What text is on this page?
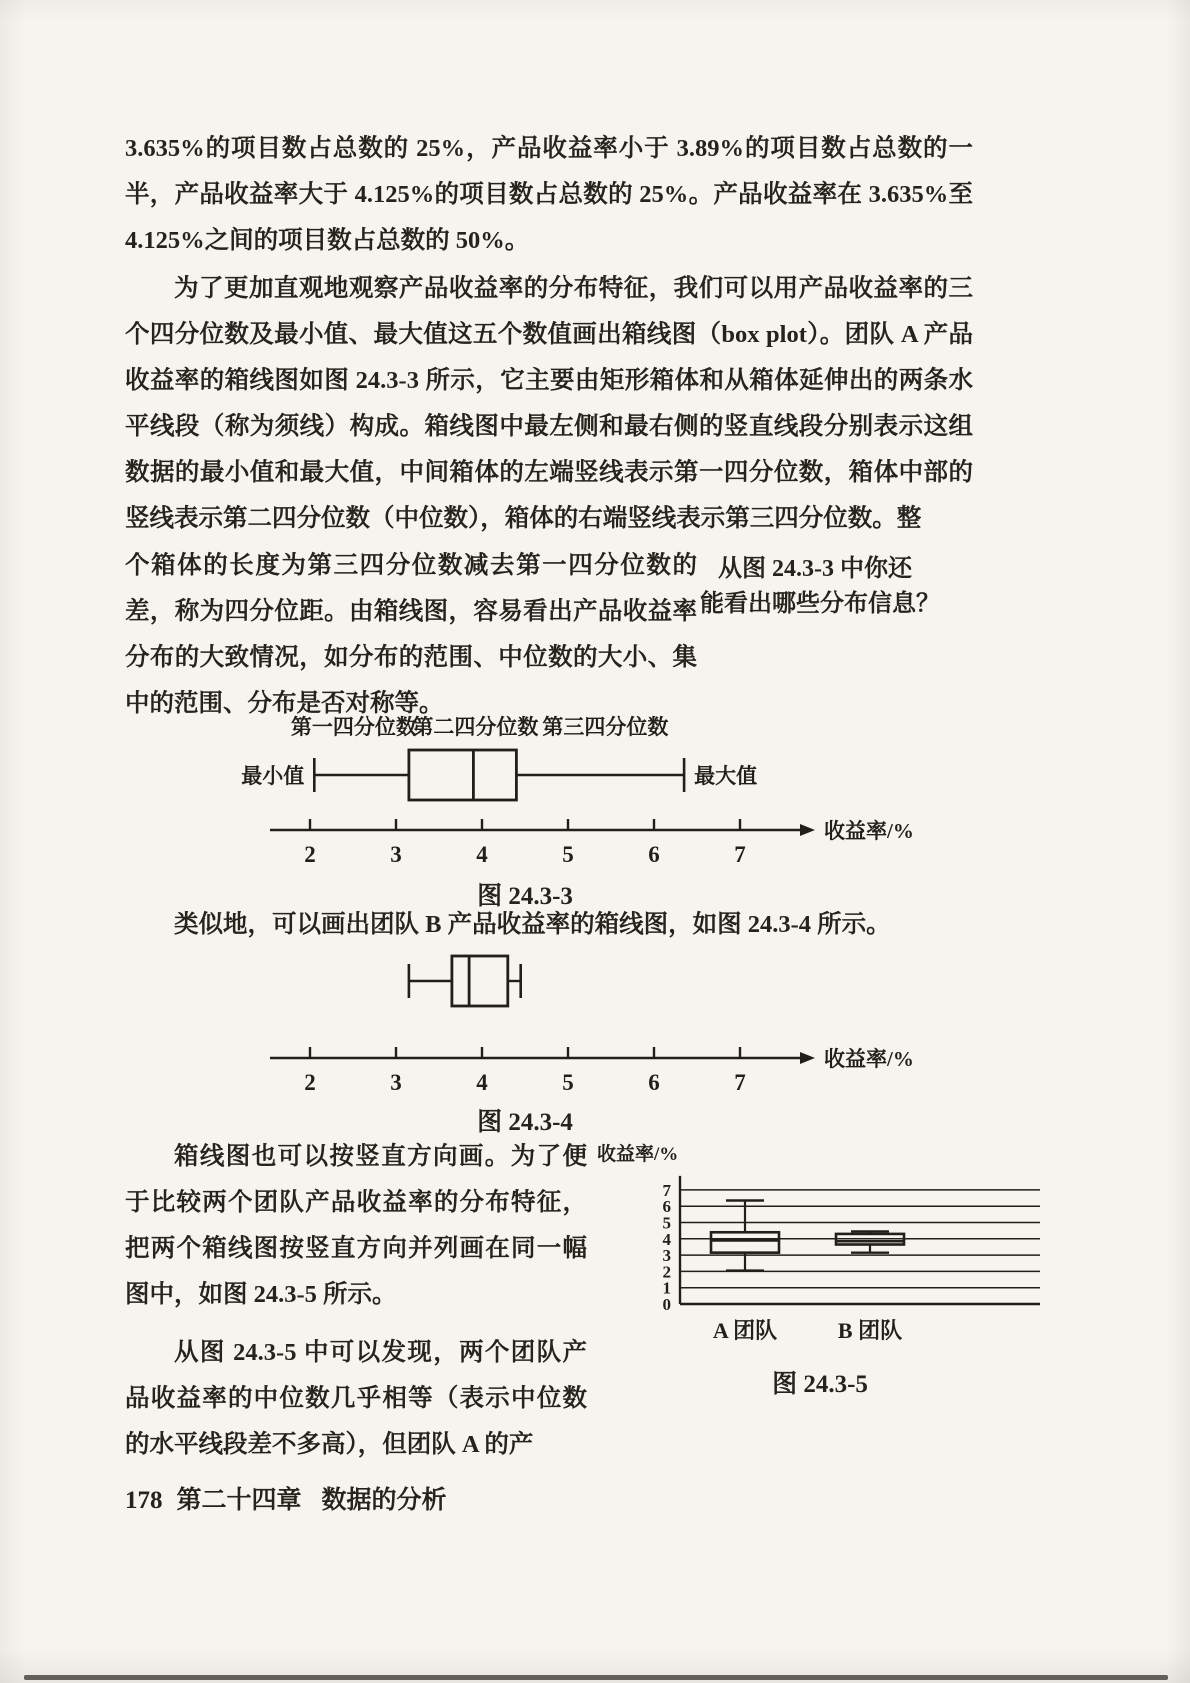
3.635%的项目数占总数的 25%，产品收益率小于 3.89%的项目数占总数的一半，产品收益率大于 4.125%的项目数占总数的 25%。产品收益率在 3.635%至 4.125%之间的项目数占总数的 50%。

为了更加直观地观察产品收益率的分布特征，我们可以用产品收益率的三个四分位数及最小值、最大值这五个数值画出箱线图（box plot）。团队 A 产品收益率的箱线图如图 24.3-3 所示，它主要由矩形箱体和从箱体延伸出的两条水平线段（称为须线）构成。箱线图中最左侧和最右侧的竖直线段分别表示这组数据的最小值和最大值，中间箱体的左端竖线表示第一四分位数，箱体中部的竖线表示第二四分位数（中位数），箱体的右端竖线表示第三四分位数。整

个箱体的长度为第三四分位数减去第一四分位数的差，称为四分位距。由箱线图，容易看出产品收益率分布的大致情况，如分布的范围、中位数的大小、集中的范围、分布是否对称等。

从图 24.3-3 中你还
能看出哪些分布信息？
2	3	4	5	6	7
收益率/%
第一四分位数
第二四分位数 第三四分位数
最小值	最大值
图 24.3-3

类似地，可以画出团队 B 产品收益率的箱线图，如图 24.3-4 所示。

2	3	4	5	6	7
收益率/%
图 24.3-4

箱线图也可以按竖直方向画。为了便于比较两个团队产品收益率的分布特征，把两个箱线图按竖直方向并列画在同一幅图中，如图 24.3-5 所示。

从图 24.3-5 中可以发现，两个团队产品收益率的中位数几乎相等（表示中位数的水平线段差不多高），但团队 A 的产

收益率/%
0
1
2
3
4
5
6
7
A 团队	B 团队
图 24.3-5
178 第二十四章 数据的分析
